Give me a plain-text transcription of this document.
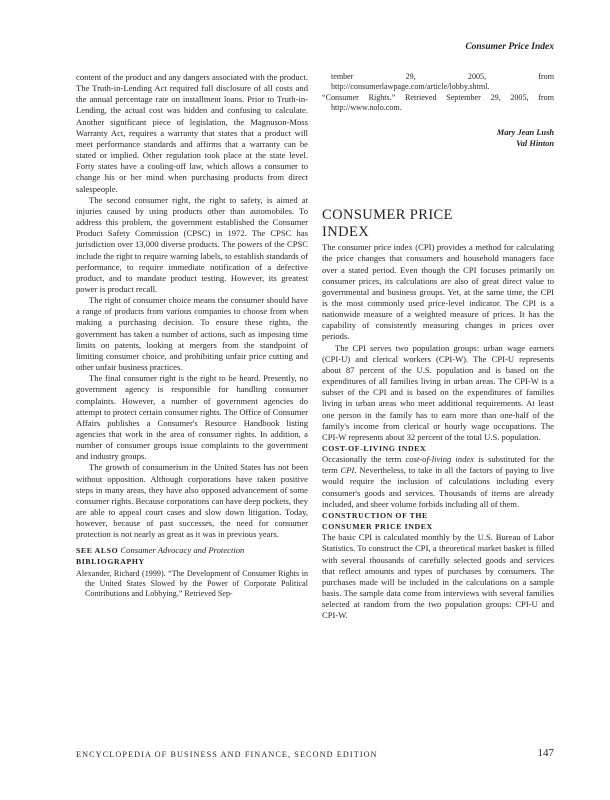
Consumer Price Index

content of the product and any dangers associated with the product. The Truth-in-Lending Act required full disclosure of all costs and the annual percentage rate on installment loans. Prior to Truth-in-Lending, the actual cost was hidden and confusing to calculate. Another significant piece of legislation, the Magnuson-Moss Warranty Act, requires a warranty that states that a product will meet performance standards and affirms that a warranty can be stated or implied. Other regulation took place at the state level. Forty states have a cooling-off law, which allows a consumer to change his or her mind when purchasing products from direct salespeople.

The second consumer right, the right to safety, is aimed at injuries caused by using products other than automobiles. To address this problem, the government established the Consumer Product Safety Commission (CPSC) in 1972. The CPSC has jurisdiction over 13,000 diverse products. The powers of the CPSC include the right to require warning labels, to establish standards of performance, to require immediate notification of a defective product, and to mandate product testing. However, its greatest power is product recall.

The right of consumer choice means the consumer should have a range of products from various companies to choose from when making a purchasing decision. To ensure these rights, the government has taken a number of actions, such as imposing time limits on patents, looking at mergers from the standpoint of limiting consumer choice, and prohibiting unfair price cutting and other unfair business practices.

The final consumer right is the right to be heard. Presently, no government agency is responsible for handling consumer complaints. However, a number of government agencies do attempt to protect certain consumer rights. The Office of Consumer Affairs publishes a Consumer's Resource Handbook listing agencies that work in the area of consumer rights. In addition, a number of consumer groups issue complaints to the government and industry groups.

The growth of consumerism in the United States has not been without opposition. Although corporations have taken positive steps in many areas, they have also opposed advancement of some consumer rights. Because corporations can have deep pockets, they are able to appeal court cases and slow down litigation. Today, however, because of past successes, the need for consumer protection is not nearly as great as it was in previous years.

SEE ALSO Consumer Advocacy and Protection

BIBLIOGRAPHY

Alexander, Richard (1999). “The Development of Consumer Rights in the United States Slowed by the Power of Corporate Political Contributions and Lobbying.” Retrieved Sep-

tember 29, 2005, from http://consumerlawpage.com/article/lobby.shtml.

“Consumer Rights.” Retrieved September 29, 2005, from http://www.nolo.com.

Mary Jean Lush
Val Hinton
CONSUMER PRICE
INDEX

The consumer price index (CPI) provides a method for calculating the price changes that consumers and household managers face over a stated period. Even though the CPI focuses primarily on consumer prices, its calculations are also of great direct value to governmental and business groups. Yet, at the same time, the CPI is the most commonly used price-level indicator. The CPI is a nationwide measure of a weighted measure of prices. It has the capability of consistently measuring changes in prices over periods.

The CPI serves two population groups: urban wage earners (CPI-U) and clerical workers (CPI-W). The CPI-U represents about 87 percent of the U.S. population and is based on the expenditures of all families living in urban areas. The CPI-W is a subset of the CPI and is based on the expenditures of families living in urban areas who meet additional requirements. At least one person in the family has to earn more than one-half of the family's income from clerical or hourly wage occupations. The CPI-W represents about 32 percent of the total U.S. population.

COST-OF-LIVING INDEX

Occasionally the term cost-of-living index is substituted for the term CPI. Nevertheless, to take in all the factors of paying to live would require the inclusion of calculations including every consumer's goods and services. Thousands of items are already included, and sheer volume forbids including all of them.

CONSTRUCTION OF THE
CONSUMER PRICE INDEX

The basic CPI is calculated monthly by the U.S. Bureau of Labor Statistics. To construct the CPI, a theoretical market basket is filled with several thousands of carefully selected goods and services that reflect amounts and types of purchases by consumers. The purchases made will be included in the calculations on a sample basis. The sample data come from interviews with several families selected at random from the two population groups: CPI-U and CPI-W.

ENCYCLOPEDIA OF BUSINESS AND FINANCE, SECOND EDITION	147
